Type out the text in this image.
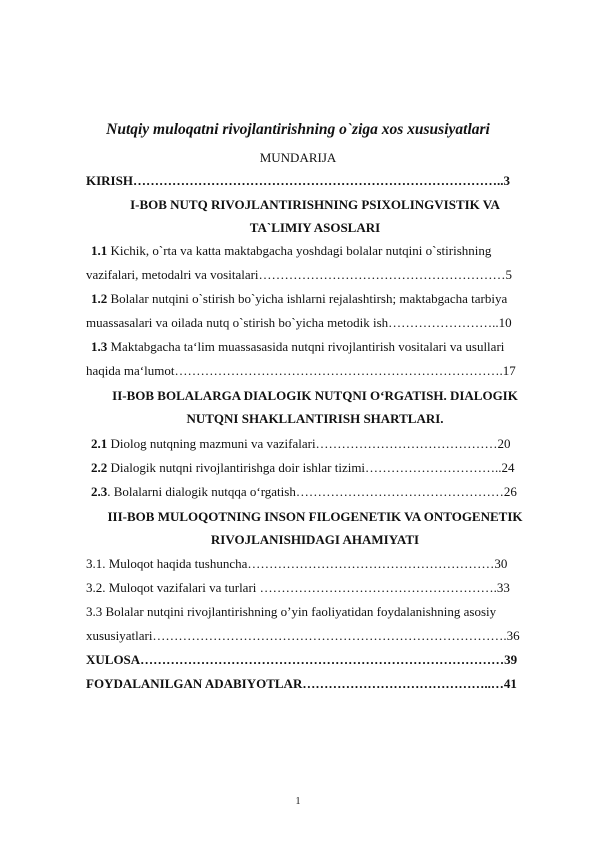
Nutqiy muloqatni rivojlantirishning o`ziga xos xususiyatlari
MUNDARIJA
KIRISH…………………………………………………………………………..3
I-BOB NUTQ RIVOJLANTIRISHNING PSIXOLINGVISTIK VA
TA`LIMIY ASOSLARI
1.1 Kichik, o`rta va katta maktabgacha yoshdagi bolalar nutqini o`stirishning
vazifalari, metodalri va vositalari…………………………………………………5
1.2 Bolalar nutqini o`stirish bo`yicha ishlarni rejalashtirsh; maktabgacha tarbiya
muassasalari va oilada nutq o`stirish bo`yicha metodik ish……………………..10
1.3 Maktabgacha ta‘lim muassasasida nutqni rivojlantirish vositalari va usullari
haqida ma‘lumot………………………………………………………………….17
II-BOB BOLALARGA DIALOGIK NUTQNI O‘RGATISH. DIALOGIK
NUTQNI SHAKLLANTIRISH SHARTLARI.
2.1 Diolog nutqning mazmuni va vazifalari……………………………………20
2.2 Dialogik nutqni rivojlantirishga doir ishlar tizimi…………………………..24
2.3. Bolalarni dialogik nutqqa o‘rgatish…………………………………………26
III-BOB MULOQOTNING INSON FILOGENETIK VA ONTOGENETIK
RIVOJLANISHIDAGI AHAMIYATI
3.1. Muloqot haqida tushuncha…………………………………………………30
3.2. Muloqot vazifalari va turlari ……………………………………………….33
3.3 Bolalar nutqini rivojlantirishning o’yin faoliyatidan foydalanishning asosiy
xususiyatlari……………………………………………………………………….36
XULOSA…………………………………………………………………………39
FOYDALANILGAN ADABIYOTLAR……………………………………..…41
1
